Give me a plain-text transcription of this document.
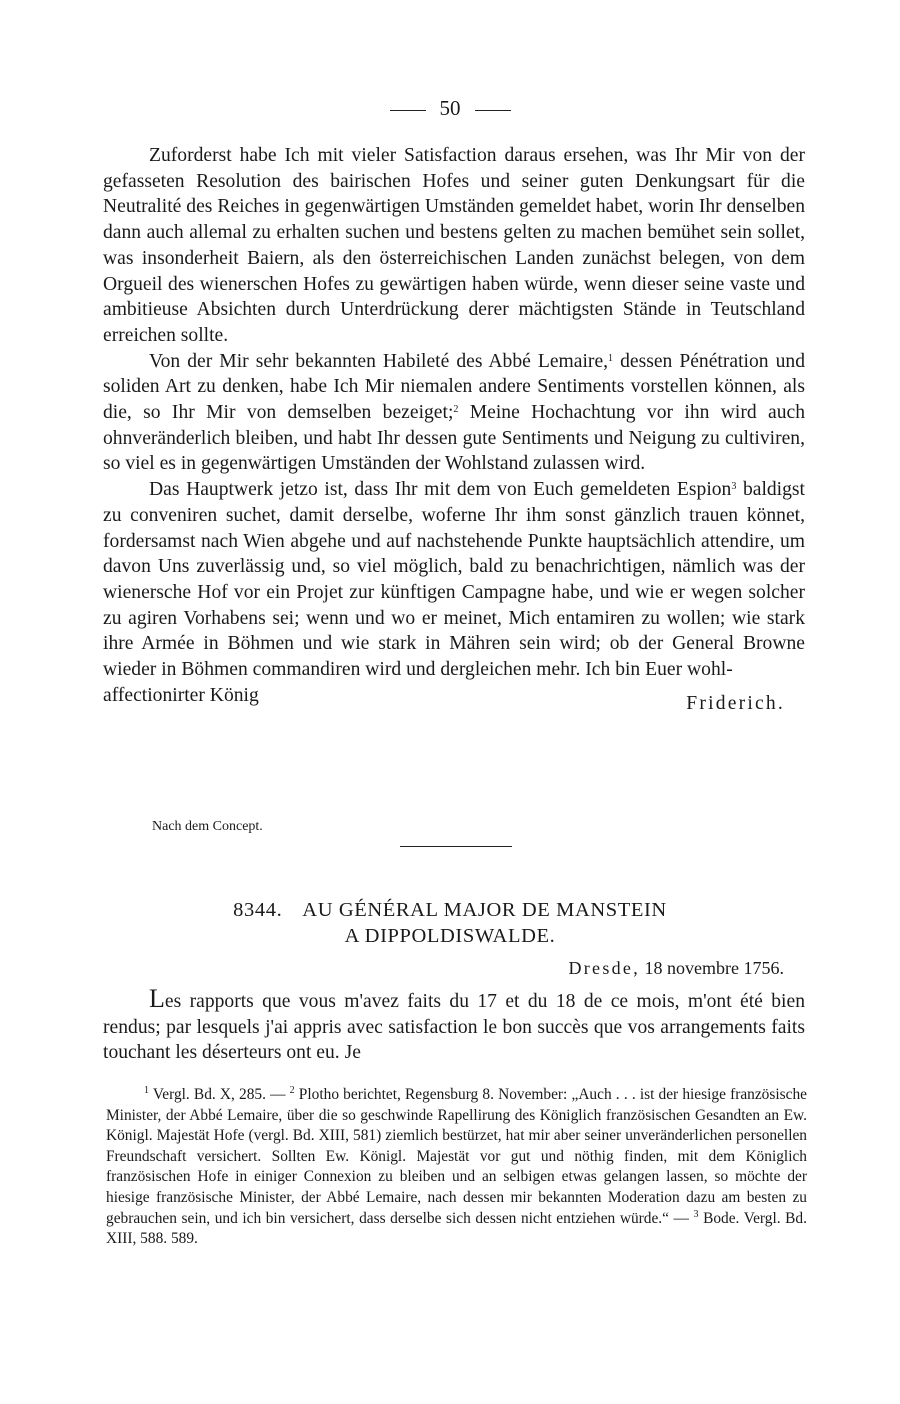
50

Zuforderst habe Ich mit vieler Satisfaction daraus ersehen, was Ihr Mir von der gefasseten Resolution des bairischen Hofes und seiner guten Denkungsart für die Neutralité des Reiches in gegenwärtigen Umständen gemeldet habet, worin Ihr denselben dann auch allemal zu erhalten suchen und bestens gelten zu machen bemühet sein sollet, was insonderheit Baiern, als den österreichischen Landen zunächst belegen, von dem Orgueil des wienerschen Hofes zu gewärtigen haben würde, wenn dieser seine vaste und ambitieuse Absichten durch Unterdrückung derer mächtigsten Stände in Teutschland erreichen sollte.

Von der Mir sehr bekannten Habileté des Abbé Lemaire,$^1$ dessen Pénétration und soliden Art zu denken, habe Ich Mir niemalen andere Sentiments vorstellen können, als die, so Ihr Mir von demselben bezeiget;$^2$ Meine Hochachtung vor ihn wird auch ohnveränderlich bleiben, und habt Ihr dessen gute Sentiments und Neigung zu cultiviren, so viel es in gegenwärtigen Umständen der Wohlstand zulassen wird.

Das Hauptwerk jetzo ist, dass Ihr mit dem von Euch gemeldeten Espion$^3$ baldigst zu conveniren suchet, damit derselbe, woferne Ihr ihm sonst gänzlich trauen könnet, fordersamst nach Wien abgehe und auf nachstehende Punkte hauptsächlich attendire, um davon Uns zuverlässig und, so viel möglich, bald zu benachrichtigen, nämlich was der wienersche Hof vor ein Projet zur künftigen Campagne habe, und wie er wegen solcher zu agiren Vorhabens sei; wenn und wo er meinet, Mich entamiren zu wollen; wie stark ihre Armée in Böhmen und wie stark in Mähren sein wird; ob der General Browne wieder in Böhmen commandiren wird und dergleichen mehr. Ich bin Euer wohl-

affectionirter König	Friderich.
Nach dem Concept.
8344. AU GÉNÉRAL MAJOR DE MANSTEIN
A DIPPOLDISWALDE.
Dresde, 18 novembre 1756.

Les rapports que vous m'avez faits du 17 et du 18 de ce mois, m'ont été bien rendus; par lesquels j'ai appris avec satisfaction le bon succès que vos arrangements faits touchant les déserteurs ont eu. Je

$^1$ Vergl. Bd. X, 285. — $^2$ Plotho berichtet, Regensburg 8. November: „Auch . . . ist der hiesige französische Minister, der Abbé Lemaire, über die so geschwinde Rapellirung des Königlich französischen Gesandten an Ew. Königl. Majestät Hofe (vergl. Bd. XIII, 581) ziemlich bestürzet, hat mir aber seiner unveränderlichen personellen Freundschaft versichert. Sollten Ew. Königl. Majestät vor gut und nöthig finden, mit dem Königlich französischen Hofe in einiger Connexion zu bleiben und an selbigen etwas gelangen lassen, so möchte der hiesige französische Minister, der Abbé Lemaire, nach dessen mir bekannten Moderation dazu am besten zu gebrauchen sein, und ich bin versichert, dass derselbe sich dessen nicht entziehen würde.“ — $^3$ Bode. Vergl. Bd. XIII, 588. 589.
